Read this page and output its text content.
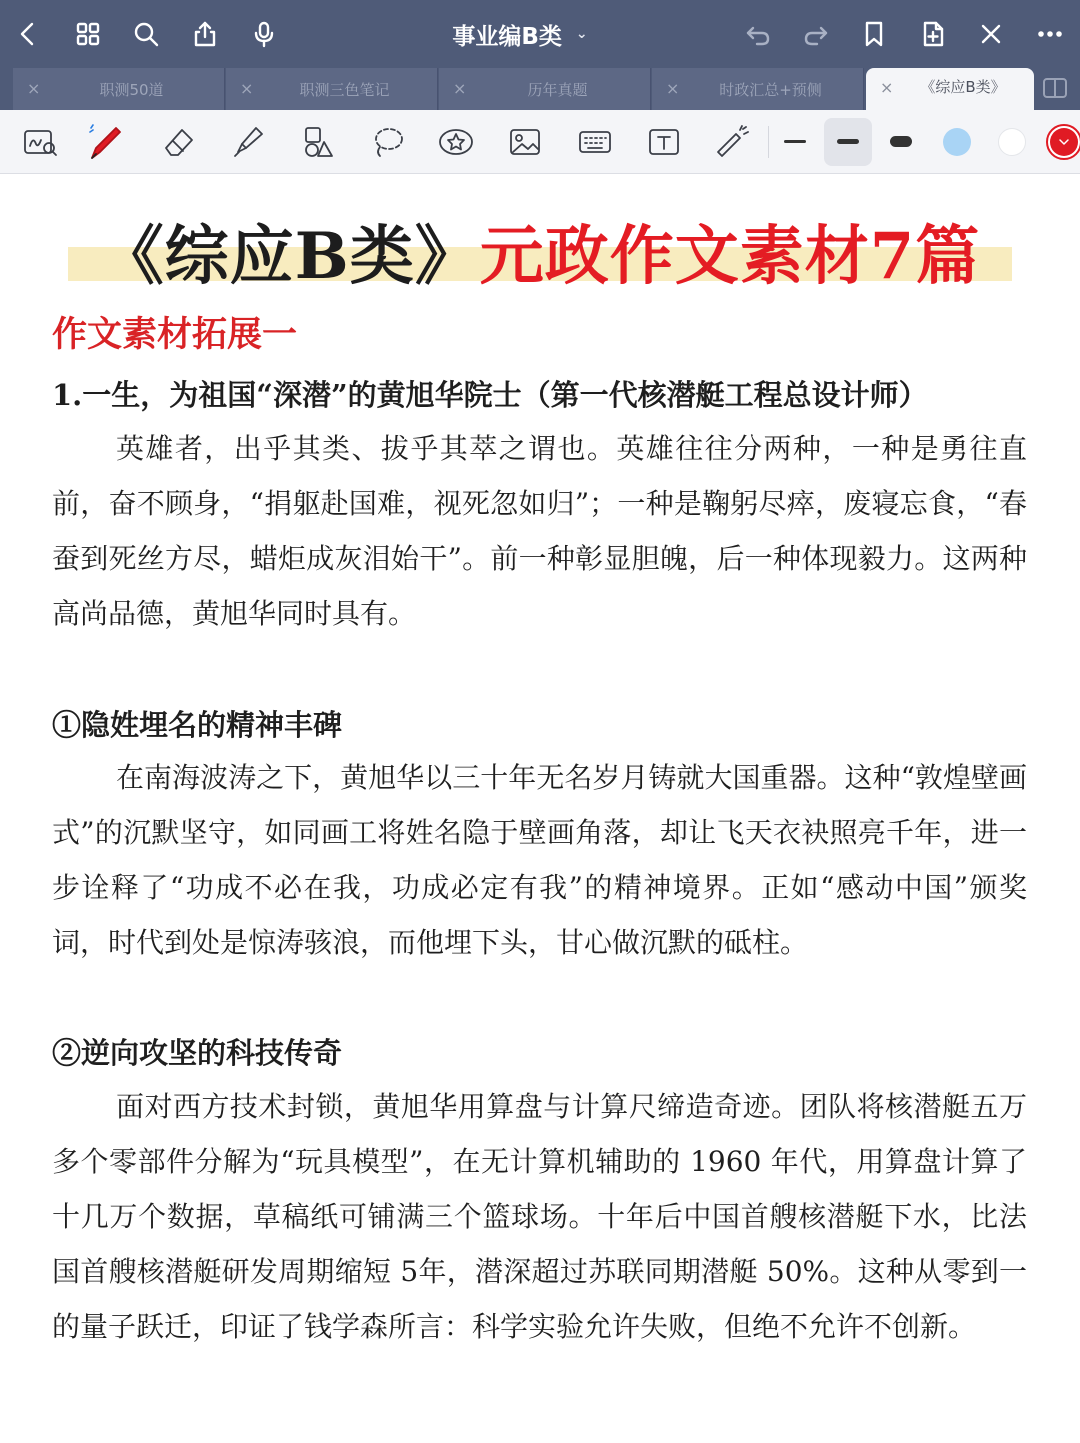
事业编B类 ⌄
×	职测50道	×	职测三色笔记	×	历年真题	×	时政汇总+预侧	×	《综应B类》
《综应B类》元政作文素材7篇
作文素材拓展一
1.一生，为祖国“深潜”的黄旭华院士（第一代核潜艇工程总设计师）

英雄者，出乎其类、拔乎其萃之谓也。英雄往往分两种，一种是勇往直前，奋不顾身，“捐躯赴国难，视死忽如归”；一种是鞠躬尽瘁，废寝忘食，“春蚕到死丝方尽，蜡炬成灰泪始干”。前一种彰显胆魄，后一种体现毅力。这两种高尚品德，黄旭华同时具有。

①隐姓埋名的精神丰碑

在南海波涛之下，黄旭华以三十年无名岁月铸就大国重器。这种“敦煌壁画式”的沉默坚守，如同画工将姓名隐于壁画角落，却让飞天衣袂照亮千年，进一步诠释了“功成不必在我，功成必定有我”的精神境界。正如“感动中国”颁奖词，时代到处是惊涛骇浪，而他埋下头，甘心做沉默的砥柱。

②逆向攻坚的科技传奇

面对西方技术封锁，黄旭华用算盘与计算尺缔造奇迹。团队将核潜艇五万多个零部件分解为“玩具模型”，在无计算机辅助的 1960 年代，用算盘计算了十几万个数据，草稿纸可铺满三个篮球场。十年后中国首艘核潜艇下水，比法国首艘核潜艇研发周期缩短 5年，潜深超过苏联同期潜艇 50%。这种从零到一的量子跃迁，印证了钱学森所言：科学实验允许失败，但绝不允许不创新。
